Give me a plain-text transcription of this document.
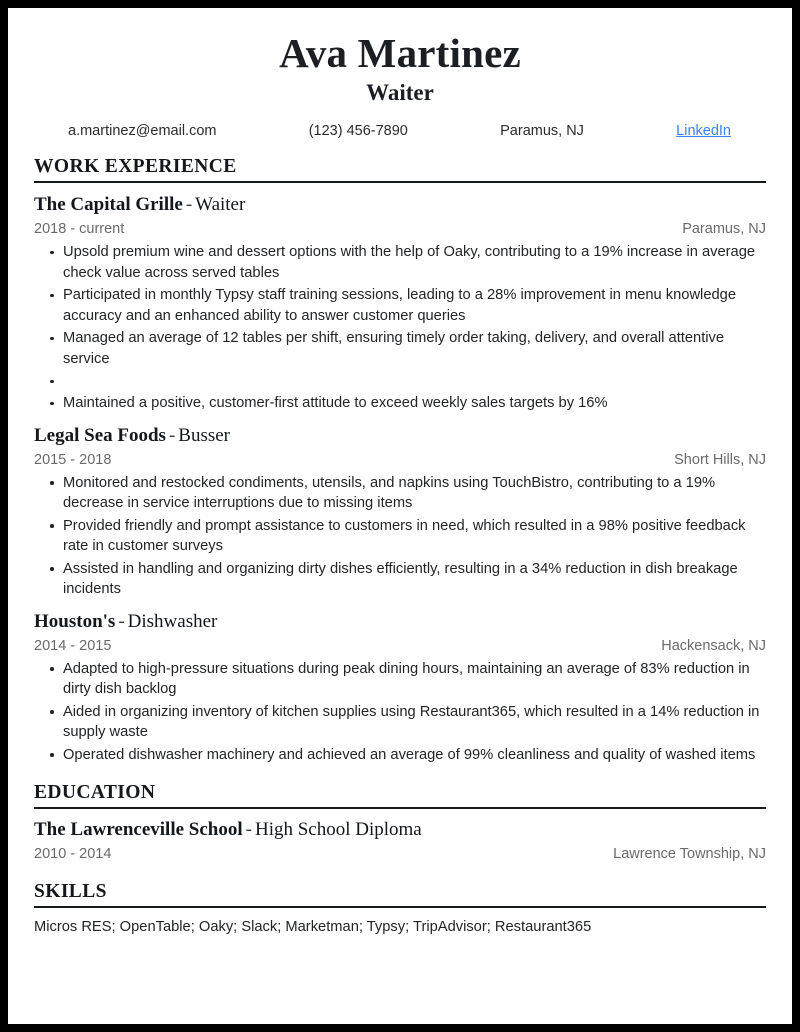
Ava Martinez
Waiter
a.martinez@email.com	(123) 456-7890	Paramus, NJ	LinkedIn
WORK EXPERIENCE
The Capital Grille - Waiter
2018 - current	Paramus, NJ
Upsold premium wine and dessert options with the help of Oaky, contributing to a 19% increase in average check value across served tables
Participated in monthly Typsy staff training sessions, leading to a 28% improvement in menu knowledge accuracy and an enhanced ability to answer customer queries
Managed an average of 12 tables per shift, ensuring timely order taking, delivery, and overall attentive service
Maintained a positive, customer-first attitude to exceed weekly sales targets by 16%
Legal Sea Foods - Busser
2015 - 2018	Short Hills, NJ
Monitored and restocked condiments, utensils, and napkins using TouchBistro, contributing to a 19% decrease in service interruptions due to missing items
Provided friendly and prompt assistance to customers in need, which resulted in a 98% positive feedback rate in customer surveys
Assisted in handling and organizing dirty dishes efficiently, resulting in a 34% reduction in dish breakage incidents
Houston's - Dishwasher
2014 - 2015	Hackensack, NJ
Adapted to high-pressure situations during peak dining hours, maintaining an average of 83% reduction in dirty dish backlog
Aided in organizing inventory of kitchen supplies using Restaurant365, which resulted in a 14% reduction in supply waste
Operated dishwasher machinery and achieved an average of 99% cleanliness and quality of washed items
EDUCATION
The Lawrenceville School - High School Diploma
2010 - 2014	Lawrence Township, NJ
SKILLS
Micros RES; OpenTable; Oaky; Slack; Marketman; Typsy; TripAdvisor; Restaurant365
